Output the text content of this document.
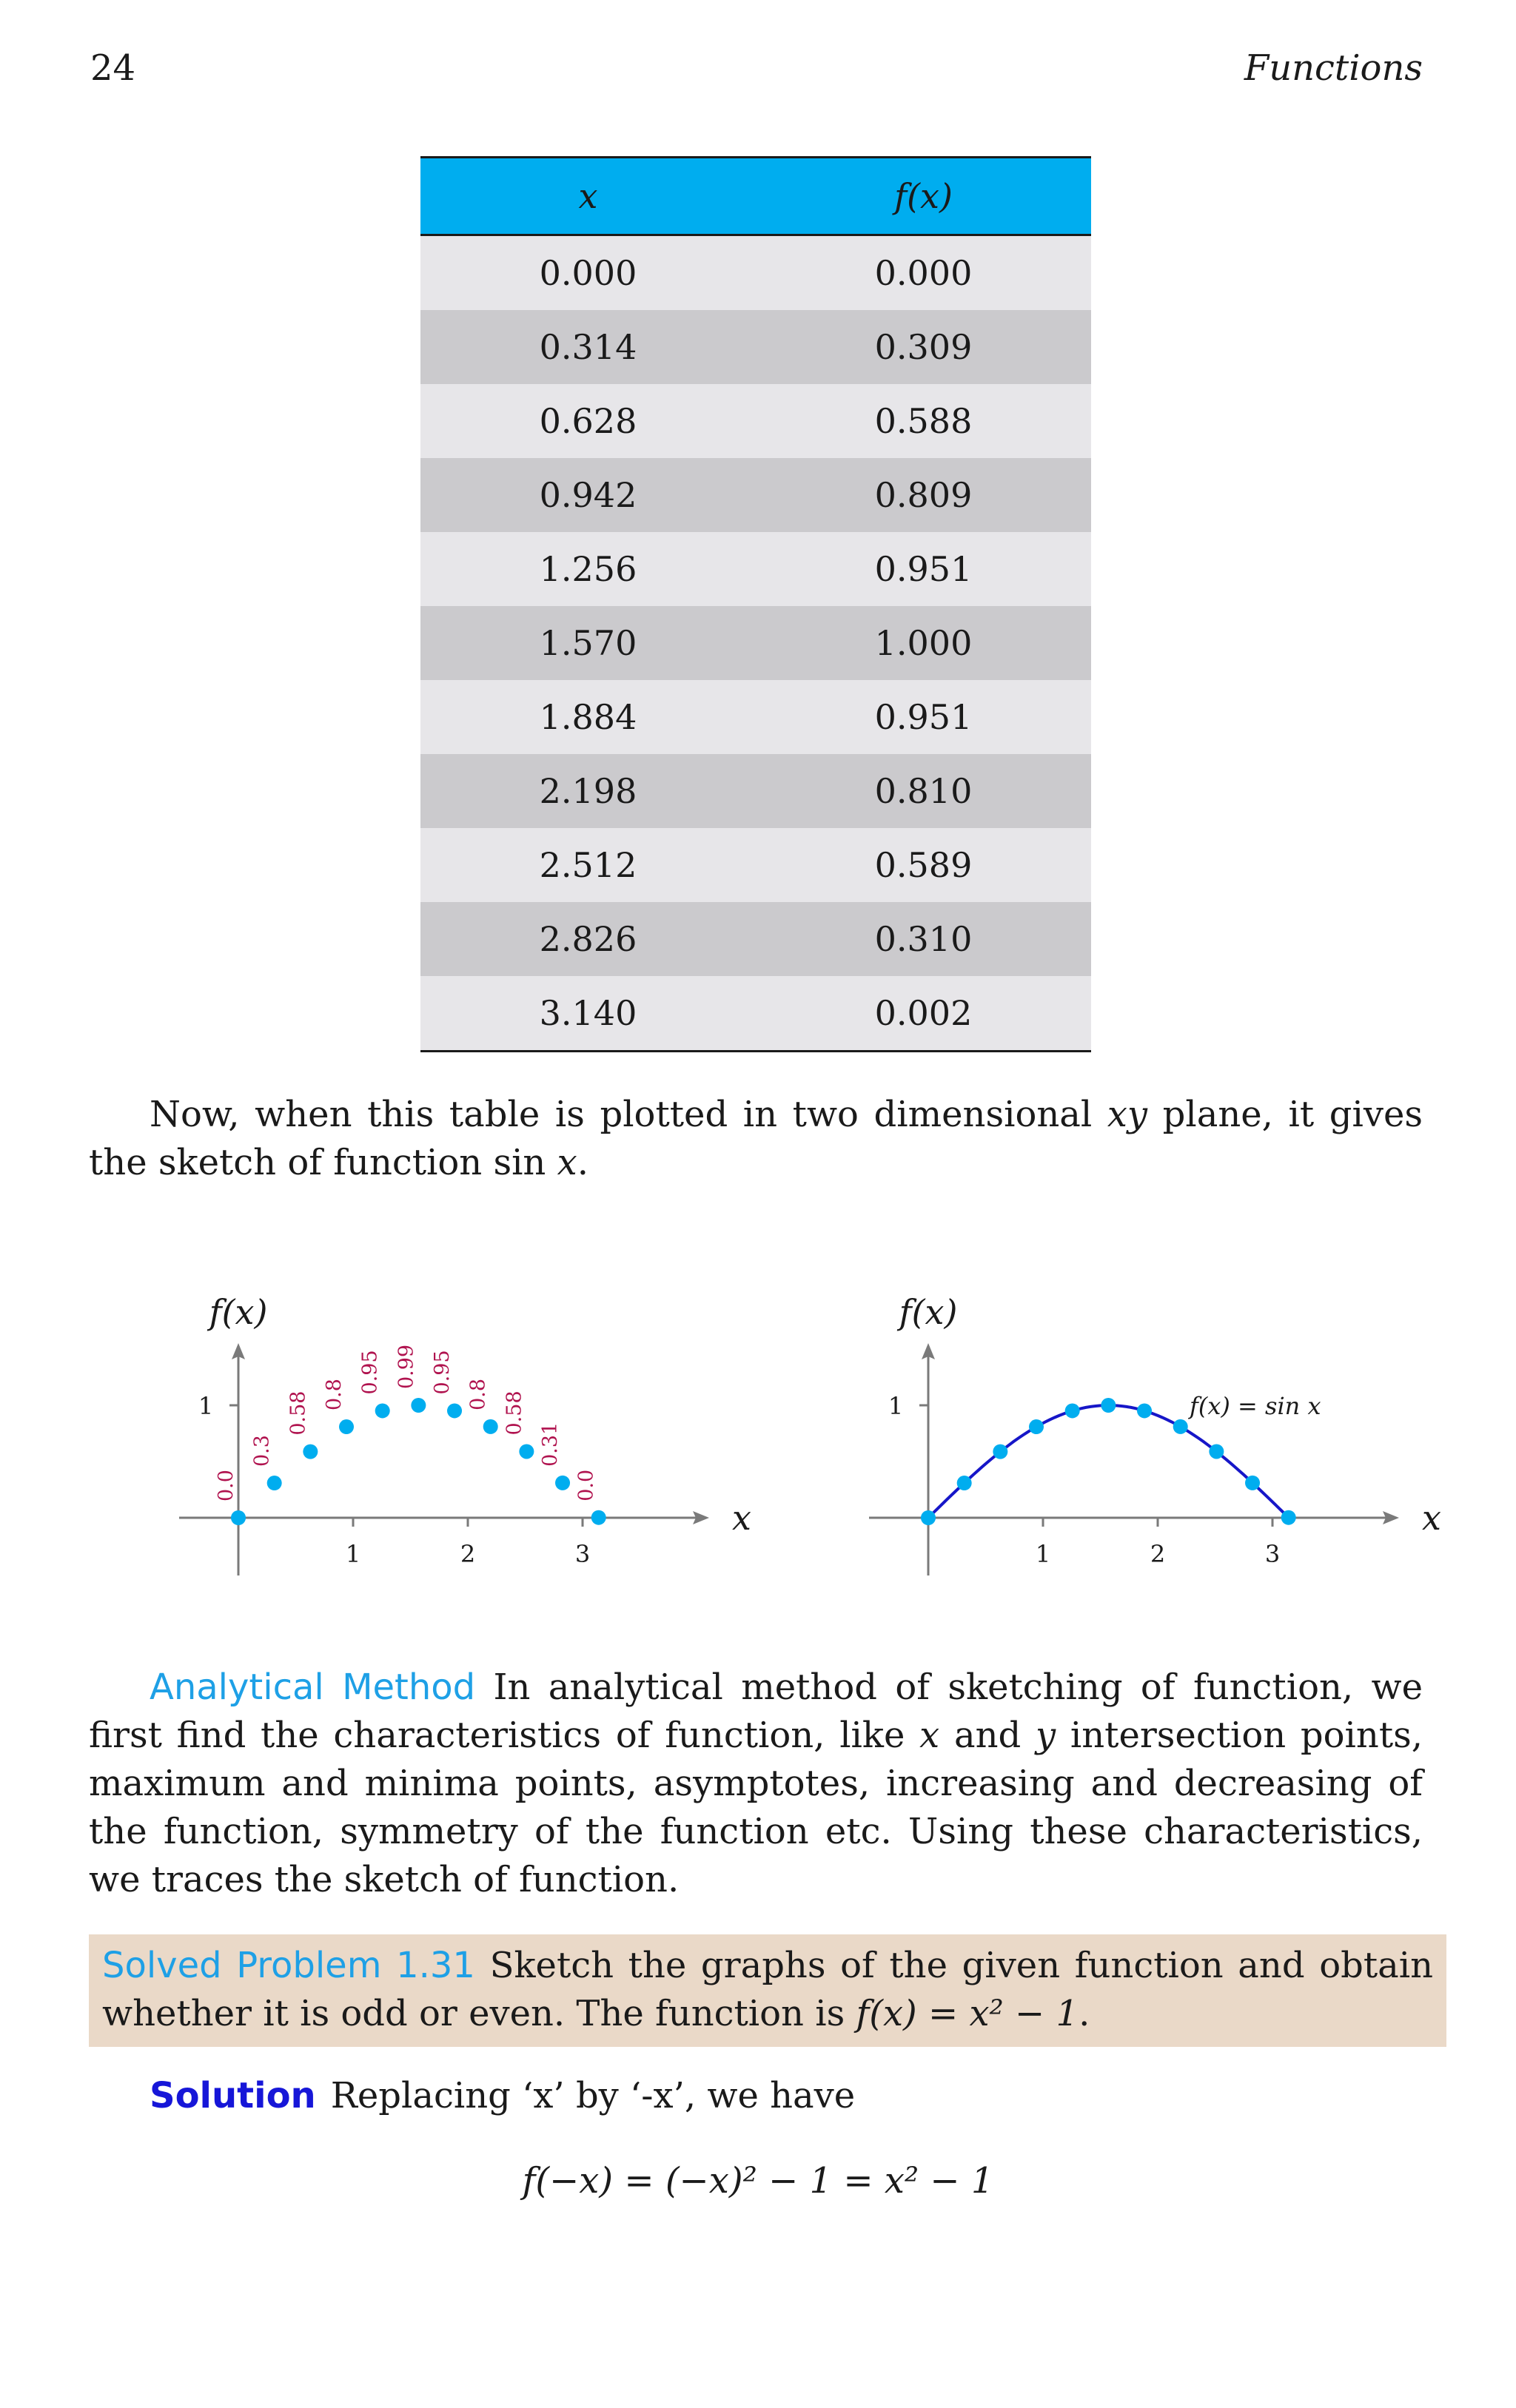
24	Functions
x	f(x)
0.000	0.000
0.314	0.309
0.628	0.588
0.942	0.809
1.256	0.951
1.570	1.000
1.884	0.951
2.198	0.810
2.512	0.589
2.826	0.310
3.140	0.002

Now, when this table is plotted in two dimensional xy plane, it gives the sketch of function sin x.

1	2	3
1
x
f(x)
0.0
0.3
0.58 0.8
0.95 0.99 0.95 0.8 0.58
0.31
0.0
1	2	3
1
x
f(x)
f(x) = sin x

Analytical Method In analytical method of sketching of function, we first find the characteristics of function, like x and y intersection points, maximum and minima points, asymptotes, increasing and decreasing of the function, symmetry of the function etc. Using these characteristics, we traces the sketch of function.

Solved Problem 1.31 Sketch the graphs of the given function and obtain whether it is odd or even. The function is f(x) = x² − 1.
Solution Replacing ‘x’ by ‘-x’, we have
f(−x) = (−x)² − 1 = x² − 1
